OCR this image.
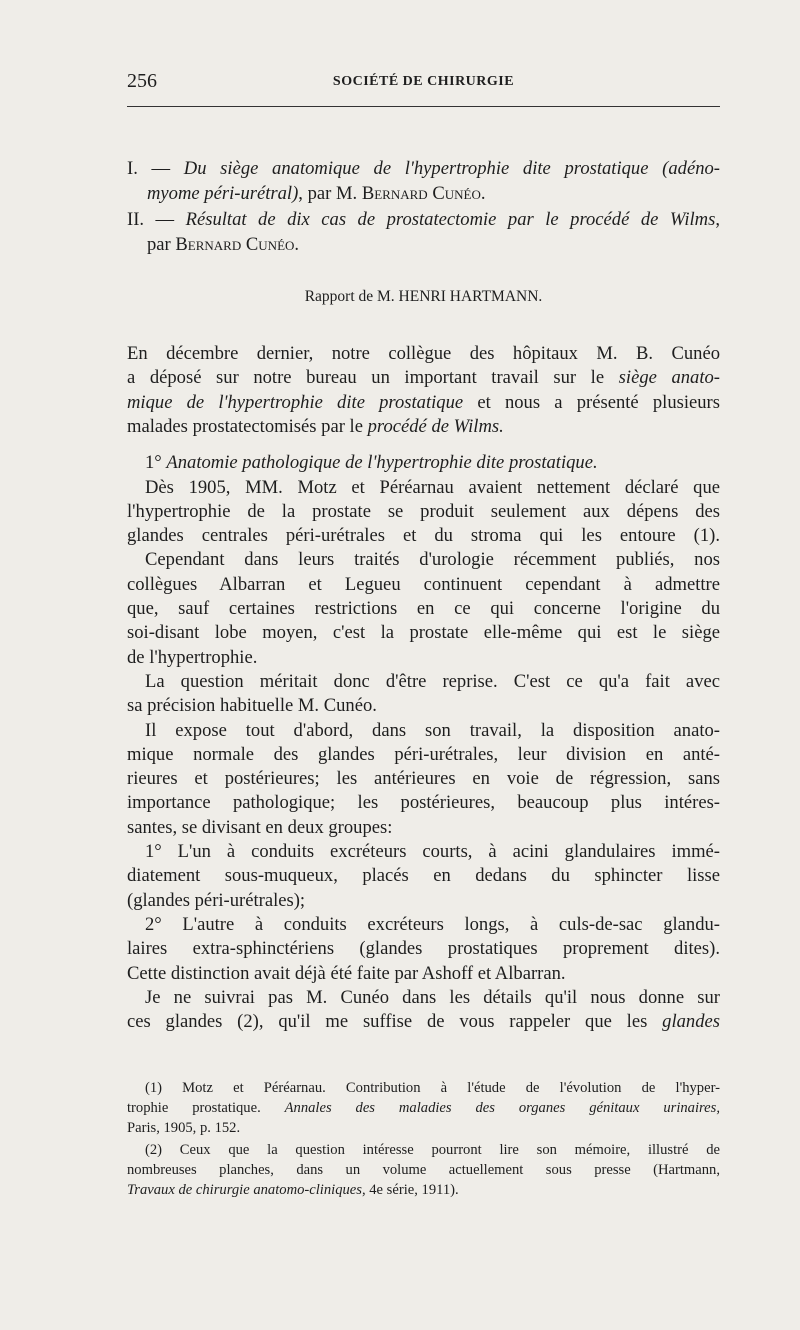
256	SOCIÉTÉ DE CHIRURGIE
I. — Du siège anatomique de l'hypertrophie dite prostatique (adéno-
myome péri-urétral), par M. Bernard Cunéo.
II. — Résultat de dix cas de prostatectomie par le procédé de Wilms,
par Bernard Cunéo.
Rapport de M. HENRI HARTMANN.
En décembre dernier, notre collègue des hôpitaux M. B. Cunéo
a déposé sur notre bureau un important travail sur le siège anato-
mique de l'hypertrophie dite prostatique et nous a présenté plusieurs
malades prostatectomisés par le procédé de Wilms.
1° Anatomie pathologique de l'hypertrophie dite prostatique.
Dès 1905, MM. Motz et Péréarnau avaient nettement déclaré que
l'hypertrophie de la prostate se produit seulement aux dépens des
glandes centrales péri-urétrales et du stroma qui les entoure (1).
Cependant dans leurs traités d'urologie récemment publiés, nos
collègues Albarran et Legueu continuent cependant à admettre
que, sauf certaines restrictions en ce qui concerne l'origine du
soi-disant lobe moyen, c'est la prostate elle-même qui est le siège
de l'hypertrophie.
La question méritait donc d'être reprise. C'est ce qu'a fait avec
sa précision habituelle M. Cunéo.
Il expose tout d'abord, dans son travail, la disposition anato-
mique normale des glandes péri-urétrales, leur division en anté-
rieures et postérieures; les antérieures en voie de régression, sans
importance pathologique; les postérieures, beaucoup plus intéres-
santes, se divisant en deux groupes:
1° L'un à conduits excréteurs courts, à acini glandulaires immé-
diatement sous-muqueux, placés en dedans du sphincter lisse
(glandes péri-urétrales);
2° L'autre à conduits excréteurs longs, à culs-de-sac glandu-
laires extra-sphinctériens (glandes prostatiques proprement dites).
Cette distinction avait déjà été faite par Ashoff et Albarran.
Je ne suivrai pas M. Cunéo dans les détails qu'il nous donne sur
ces glandes (2), qu'il me suffise de vous rappeler que les glandes
(1) Motz et Péréarnau. Contribution à l'étude de l'évolution de l'hyper-
trophie prostatique. Annales des maladies des organes génitaux urinaires,
Paris, 1905, p. 152.
(2) Ceux que la question intéresse pourront lire son mémoire, illustré de
nombreuses planches, dans un volume actuellement sous presse (Hartmann,
Travaux de chirurgie anatomo-cliniques, 4e série, 1911).
